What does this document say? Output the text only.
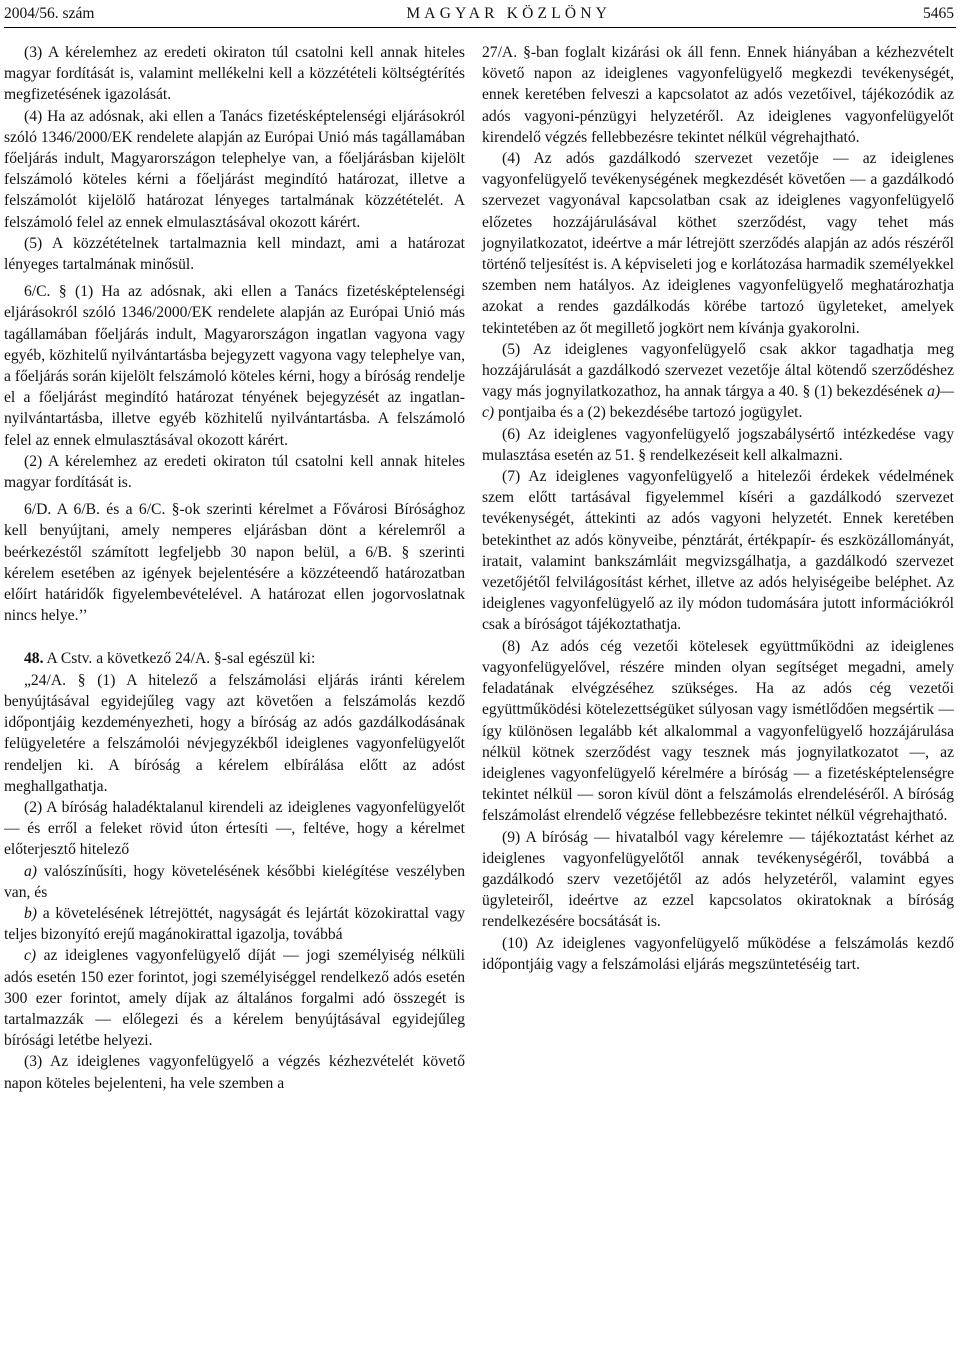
2004/56. szám	MAGYAR KÖZLÖNY	5465

(3) A kérelemhez az eredeti okiraton túl csatolni kell annak hiteles magyar fordítását is, valamint mellékelni kell a közzétételi költségtérítés megfizetésének igazolását.

(4) Ha az adósnak, aki ellen a Tanács fizetésképtelenségi eljárásokról szóló 1346/2000/EK rendelete alapján az Európai Unió más tagállamában főeljárás indult, Magyarországon telephelye van, a főeljárásban kijelölt felszámoló köteles kérni a főeljárást megindító határozat, illetve a felszámolót kijelölő határozat lényeges tartalmának közzétételét. A felszámoló felel az ennek elmulasztásával okozott kárért.

(5) A közzétételnek tartalmaznia kell mindazt, ami a határozat lényeges tartalmának minősül.

6/C. § (1) Ha az adósnak, aki ellen a Tanács fizetésképtelenségi eljárásokról szóló 1346/2000/EK rendelete alapján az Európai Unió más tagállamában főeljárás indult, Magyarországon ingatlan vagyona vagy egyéb, közhitelű nyilvántartásba bejegyzett vagyona vagy telephelye van, a főeljárás során kijelölt felszámoló köteles kérni, hogy a bíróság rendelje el a főeljárást megindító határozat tényének bejegyzését az ingatlan-nyilvántartásba, illetve egyéb közhitelű nyilvántartásba. A felszámoló felel az ennek elmulasztásával okozott kárért.

(2) A kérelemhez az eredeti okiraton túl csatolni kell annak hiteles magyar fordítását is.

6/D. A 6/B. és a 6/C. §-ok szerinti kérelmet a Fővárosi Bírósághoz kell benyújtani, amely nemperes eljárásban dönt a kérelemről a beérkezéstől számított legfeljebb 30 napon belül, a 6/B. § szerinti kérelem esetében az igények bejelentésére a közzéteendő határozatban előírt határidők figyelembevételével. A határozat ellen jogorvoslatnak nincs helye.’’

48. A Cstv. a következő 24/A. §-sal egészül ki:

„24/A. § (1) A hitelező a felszámolási eljárás iránti kérelem benyújtásával egyidejűleg vagy azt követően a felszámolás kezdő időpontjáig kezdeményezheti, hogy a bíróság az adós gazdálkodásának felügyeletére a felszámolói névjegyzékből ideiglenes vagyonfelügyelőt rendeljen ki. A bíróság a kérelem elbírálása előtt az adóst meghallgathatja.

(2) A bíróság haladéktalanul kirendeli az ideiglenes vagyonfelügyelőt — és erről a feleket rövid úton értesíti —, feltéve, hogy a kérelmet előterjesztő hitelező

a) valószínűsíti, hogy követelésének későbbi kielégítése veszélyben van, és

b) a követelésének létrejöttét, nagyságát és lejártát közokirattal vagy teljes bizonyító erejű magánokirattal igazolja, továbbá

c) az ideiglenes vagyonfelügyelő díját — jogi személyiség nélküli adós esetén 150 ezer forintot, jogi személyiséggel rendelkező adós esetén 300 ezer forintot, amely díjak az általános forgalmi adó összegét is tartalmazzák — előlegezi és a kérelem benyújtásával egyidejűleg bírósági letétbe helyezi.

(3) Az ideiglenes vagyonfelügyelő a végzés kézhezvételét követő napon köteles bejelenteni, ha vele szemben a

27/A. §-ban foglalt kizárási ok áll fenn. Ennek hiányában a kézhezvételt követő napon az ideiglenes vagyonfelügyelő megkezdi tevékenységét, ennek keretében felveszi a kapcsolatot az adós vezetőivel, tájékozódik az adós vagyoni-pénzügyi helyzetéről. Az ideiglenes vagyonfelügyelőt kirendelő végzés fellebbezésre tekintet nélkül végrehajtható.

(4) Az adós gazdálkodó szervezet vezetője — az ideiglenes vagyonfelügyelő tevékenységének megkezdését követően — a gazdálkodó szervezet vagyonával kapcsolatban csak az ideiglenes vagyonfelügyelő előzetes hozzájárulásával köthet szerződést, vagy tehet más jognyilatkozatot, ideértve a már létrejött szerződés alapján az adós részéről történő teljesítést is. A képviseleti jog e korlátozása harmadik személyekkel szemben nem hatályos. Az ideiglenes vagyonfelügyelő meghatározhatja azokat a rendes gazdálkodás körébe tartozó ügyleteket, amelyek tekintetében az őt megillető jogkört nem kívánja gyakorolni.

(5) Az ideiglenes vagyonfelügyelő csak akkor tagadhatja meg hozzájárulását a gazdálkodó szervezet vezetője által kötendő szerződéshez vagy más jognyilatkozathoz, ha annak tárgya a 40. § (1) bekezdésének a)—c) pontjaiba és a (2) bekezdésébe tartozó jogügylet.

(6) Az ideiglenes vagyonfelügyelő jogszabálysértő intézkedése vagy mulasztása esetén az 51. § rendelkezéseit kell alkalmazni.

(7) Az ideiglenes vagyonfelügyelő a hitelezői érdekek védelmének szem előtt tartásával figyelemmel kíséri a gazdálkodó szervezet tevékenységét, áttekinti az adós vagyoni helyzetét. Ennek keretében betekinthet az adós könyveibe, pénztárát, értékpapír- és eszközállományát, iratait, valamint bankszámláit megvizsgálhatja, a gazdálkodó szervezet vezetőjétől felvilágosítást kérhet, illetve az adós helyiségeibe beléphet. Az ideiglenes vagyonfelügyelő az ily módon tudomására jutott információkról csak a bíróságot tájékoztathatja.

(8) Az adós cég vezetői kötelesek együttműködni az ideiglenes vagyonfelügyelővel, részére minden olyan segítséget megadni, amely feladatának elvégzéséhez szükséges. Ha az adós cég vezetői együttműködési kötelezettségüket súlyosan vagy ismétlődően megsértik — így különösen legalább két alkalommal a vagyonfelügyelő hozzájárulása nélkül kötnek szerződést vagy tesznek más jognyilatkozatot —, az ideiglenes vagyonfelügyelő kérelmére a bíróság — a fizetésképtelenségre tekintet nélkül — soron kívül dönt a felszámolás elrendeléséről. A bíróság felszámolást elrendelő végzése fellebbezésre tekintet nélkül végrehajtható.

(9) A bíróság — hivatalból vagy kérelemre — tájékoztatást kérhet az ideiglenes vagyonfelügyelőtől annak tevékenységéről, továbbá a gazdálkodó szerv vezetőjétől az adós helyzetéről, valamint egyes ügyleteiről, ideértve az ezzel kapcsolatos okiratoknak a bíróság rendelkezésére bocsátását is.

(10) Az ideiglenes vagyonfelügyelő működése a felszámolás kezdő időpontjáig vagy a felszámolási eljárás megszüntetéséig tart.
